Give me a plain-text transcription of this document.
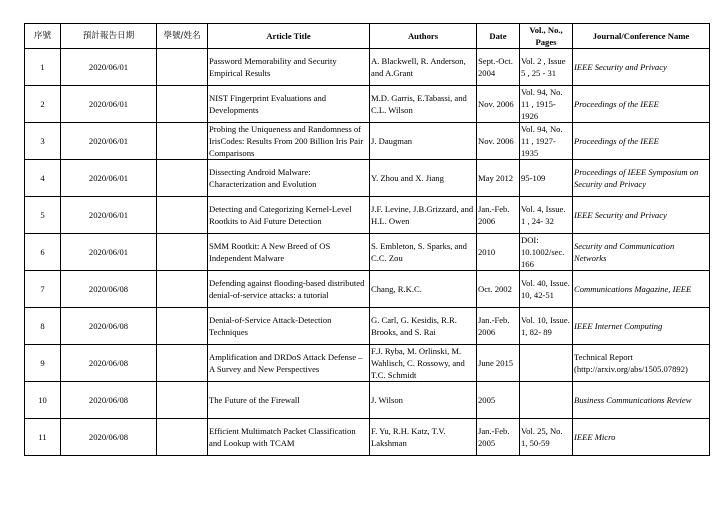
序號	預計報告日期	學號/姓名	Article Title	Authors	Date	Vol., No., Pages	Journal/Conference Name
1	2020/06/01		Password Memorability and Security Empirical Results	A. Blackwell, R. Anderson, and A.Grant	Sept.-Oct. 2004	Vol. 2 , Issue 5 , 25 - 31	IEEE Security and Privacy
2	2020/06/01		NIST Fingerprint Evaluations and Developments	M.D. Garris, E.Tabassi, and C.L. Wilson	Nov. 2006	Vol. 94, No. 11 , 1915- 1926	Proceedings of the IEEE
3	2020/06/01		Probing the Uniqueness and Randomness of IrisCodes: Results From 200 Billion Iris Pair Comparisons	J. Daugman	Nov. 2006	Vol. 94, No. 11 , 1927- 1935	Proceedings of the IEEE
4	2020/06/01		Dissecting Android Malware: Characterization and Evolution	Y. Zhou and X. Jiang	May 2012	95-109	Proceedings of IEEE Symposium on Security and Privacy
5	2020/06/01		Detecting and Categorizing Kernel-Level Rootkits to Aid Future Detection	J.F. Levine, J.B.Grizzard, and H.L. Owen	Jan.-Feb. 2006	Vol. 4, Issue. 1 , 24- 32	IEEE Security and Privacy
6	2020/06/01		SMM Rootkit: A New Breed of OS Independent Malware	S. Embleton, S. Sparks, and C.C. Zou	2010	DOI: 10.1002/sec. 166	Security and Communication Networks
7	2020/06/08		Defending against flooding-based distributed denial-of-service attacks: a tutorial	Chang, R.K.C.	Oct. 2002	Vol. 40, Issue. 10, 42-51	Communications Magazine, IEEE
8	2020/06/08		Denial-of-Service Attack-Detection Techniques	G. Carl, G. Kesidis, R.R. Brooks, and S. Rai	Jan.-Feb. 2006	Vol. 10, Issue. 1, 82- 89	IEEE Internet Computing
9	2020/06/08		Amplification and DRDoS Attack Defense – A Survey and New Perspectives	F.J. Ryba, M. Orlinski, M. Wahlisch, C. Rossowy, and T.C. Schmidt	June 2015		Technical Report (http://arxiv.org/abs/1505.07892)
10	2020/06/08		The Future of the Firewall	J. Wilson	2005		Business Communications Review
11	2020/06/08		Efficient Multimatch Packet Classification and Lookup with TCAM	F. Yu, R.H. Katz, T.V. Lakshman	Jan.-Feb. 2005	Vol. 25, No. 1, 50-59	IEEE Micro
